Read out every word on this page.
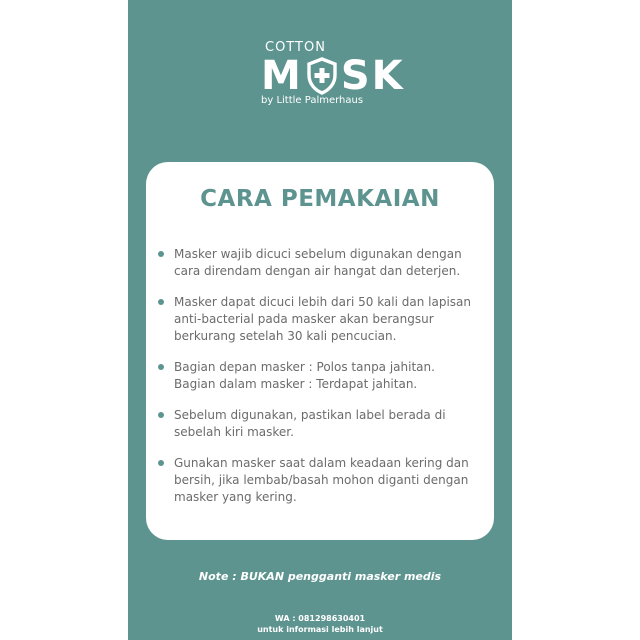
COTTON
M SK
by Little Palmerhaus
CARA PEMAKAIAN
Masker wajib dicuci sebelum digunakan dengan
cara direndam dengan air hangat dan deterjen.
Masker dapat dicuci lebih dari 50 kali dan lapisan
anti-bacterial pada masker akan berangsur
berkurang setelah 30 kali pencucian.
Bagian depan masker : Polos tanpa jahitan.
Bagian dalam masker : Terdapat jahitan.
Sebelum digunakan, pastikan label berada di
sebelah kiri masker.
Gunakan masker saat dalam keadaan kering dan
bersih, jika lembab/basah mohon diganti dengan
masker yang kering.
Note : BUKAN pengganti masker medis
WA : 081298630401
untuk informasi lebih lanjut
